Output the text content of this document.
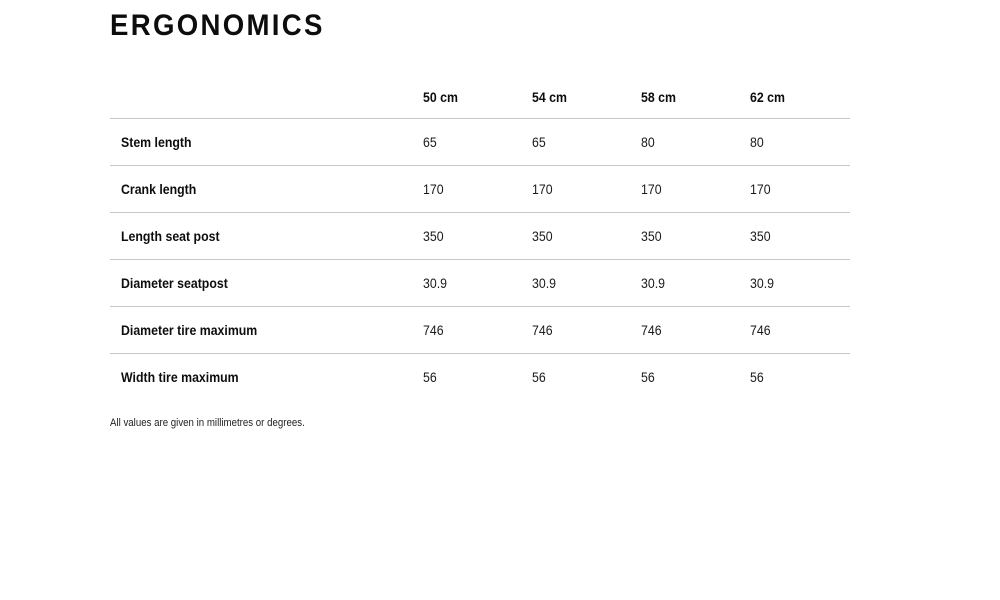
ERGONOMICS
	50 cm	54 cm	58 cm	62 cm
Stem length	65	65	80	80
Crank length	170	170	170	170
Length seat post	350	350	350	350
Diameter seatpost	30.9	30.9	30.9	30.9
Diameter tire maximum	746	746	746	746
Width tire maximum	56	56	56	56

All values are given in millimetres or degrees.
